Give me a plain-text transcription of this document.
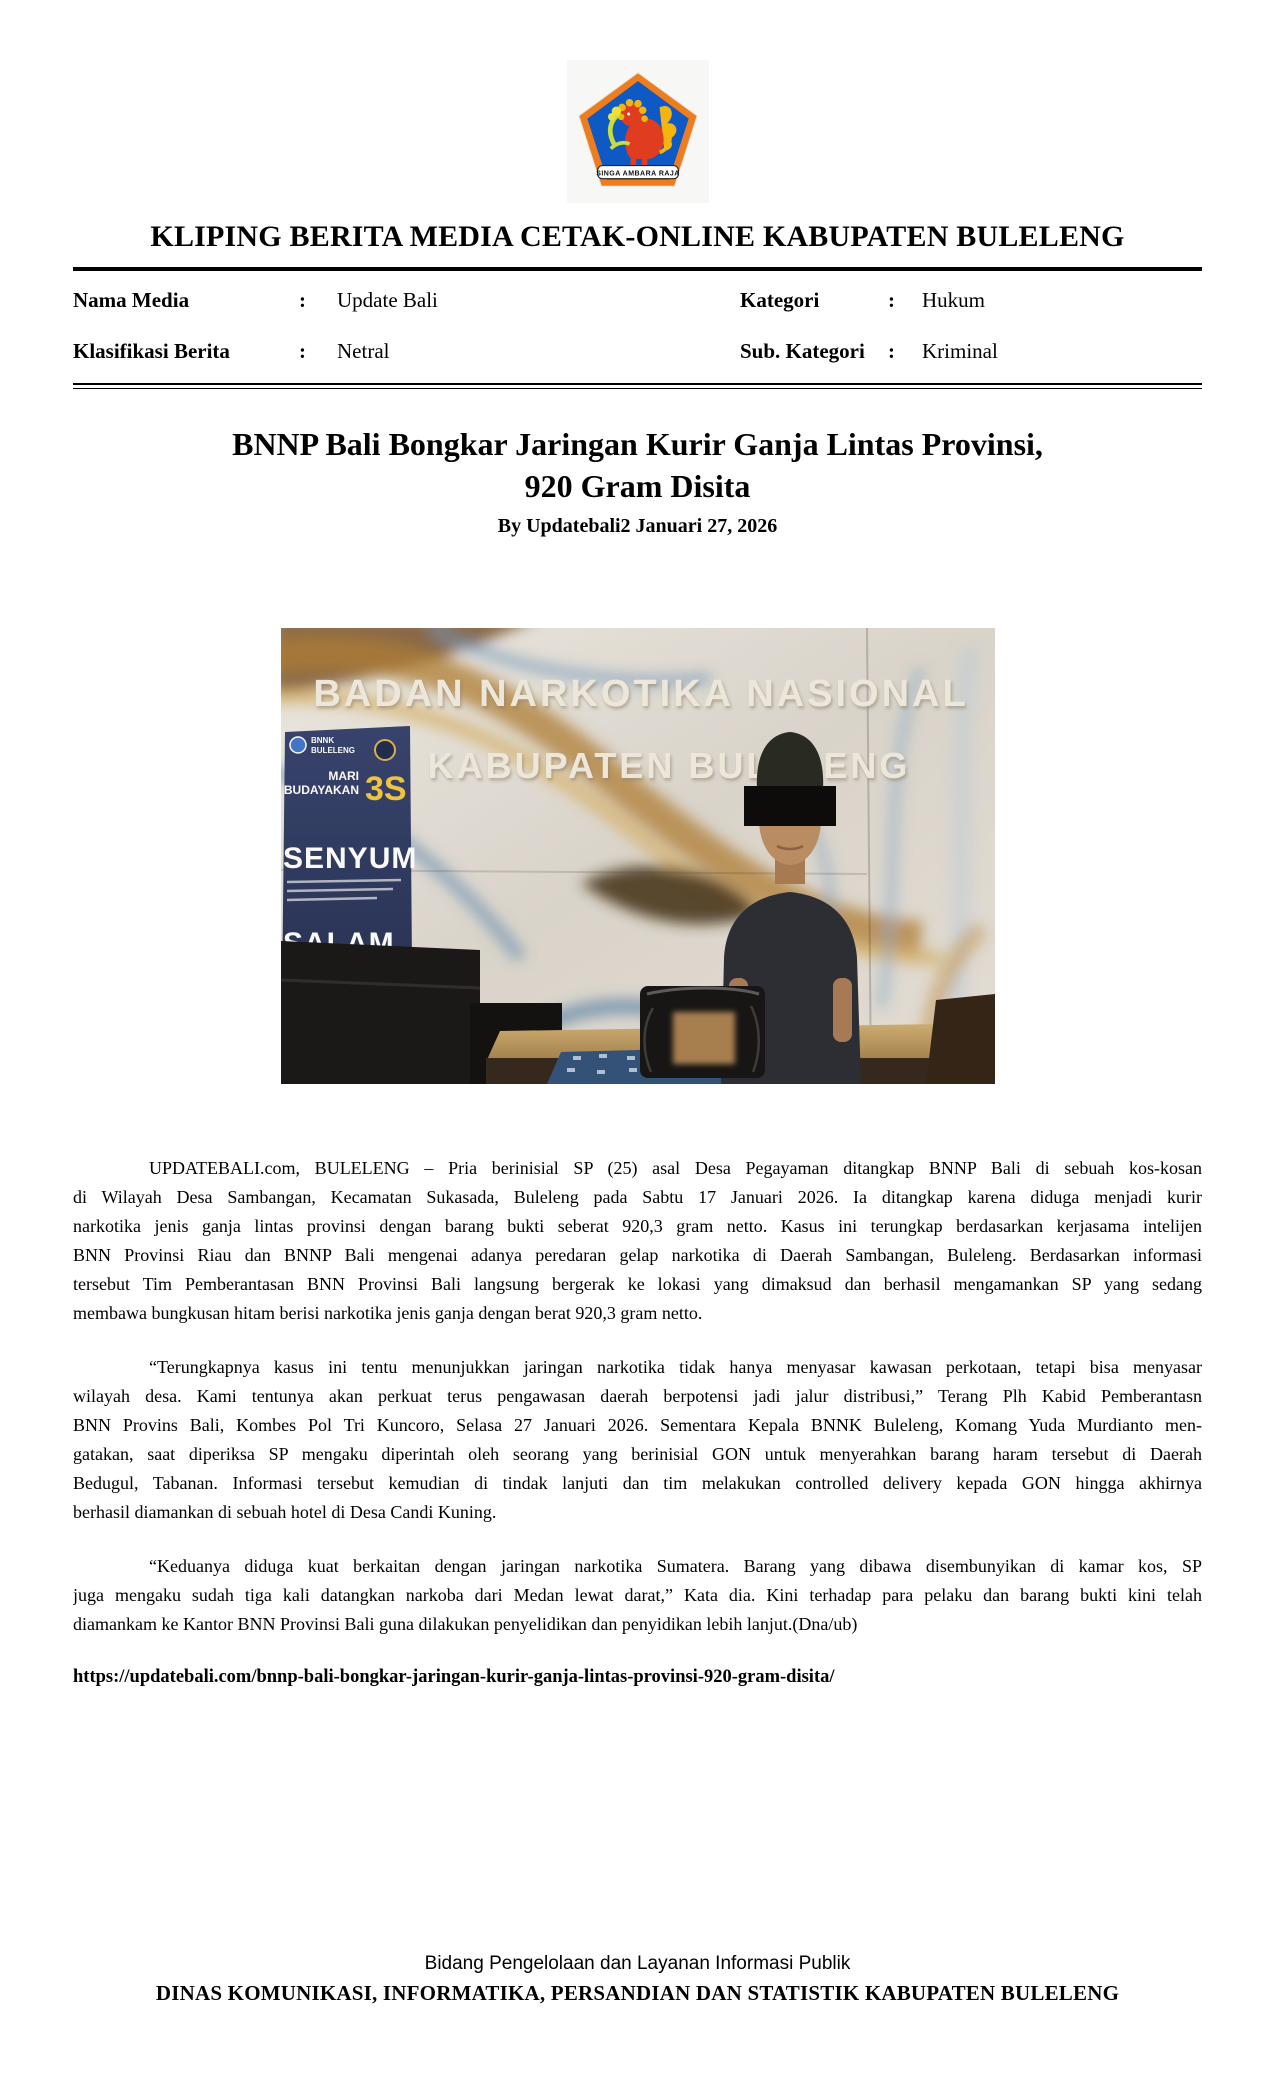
SINGA AMBARA RAJA
KLIPING BERITA MEDIA CETAK-ONLINE KABUPATEN BULELENG
Nama Media	:	Update Bali
Klasifikasi Berita	:	Netral
Kategori	:	Hukum
Sub. Kategori	:	Kriminal
BNNP Bali Bongkar Jaringan Kurir Ganja Lintas Provinsi,
920 Gram Disita
By Updatebali2 Januari 27, 2026
UPDATEBALI.com, BULELENG – Pria berinisial SP (25) asal Desa Pegayaman ditangkap BNNP Bali di sebuah kos-kosan
di Wilayah Desa Sambangan, Kecamatan Sukasada, Buleleng pada Sabtu 17 Januari 2026. Ia ditangkap karena diduga menjadi kurir
narkotika jenis ganja lintas provinsi dengan barang bukti seberat 920,3 gram netto. Kasus ini terungkap berdasarkan kerjasama intelijen
BNN Provinsi Riau dan BNNP Bali mengenai adanya peredaran gelap narkotika di Daerah Sambangan, Buleleng. Berdasarkan informasi
tersebut Tim Pemberantasan BNN Provinsi Bali langsung bergerak ke lokasi yang dimaksud dan berhasil mengamankan SP yang sedang
membawa bungkusan hitam berisi narkotika jenis ganja dengan berat 920,3 gram netto.
“Terungkapnya kasus ini tentu menunjukkan jaringan narkotika tidak hanya menyasar kawasan perkotaan, tetapi bisa menyasar
wilayah desa. Kami tentunya akan perkuat terus pengawasan daerah berpotensi jadi jalur distribusi,” Terang Plh Kabid Pemberantasn
BNN Provins Bali, Kombes Pol Tri Kuncoro, Selasa 27 Januari 2026. Sementara Kepala BNNK Buleleng, Komang Yuda Murdianto men-
gatakan, saat diperiksa SP mengaku diperintah oleh seorang yang berinisial GON untuk menyerahkan barang haram tersebut di Daerah
Bedugul, Tabanan. Informasi tersebut kemudian di tindak lanjuti dan tim melakukan controlled delivery kepada GON hingga akhirnya
berhasil diamankan di sebuah hotel di Desa Candi Kuning.
“Keduanya diduga kuat berkaitan dengan jaringan narkotika Sumatera. Barang yang dibawa disembunyikan di kamar kos, SP
juga mengaku sudah tiga kali datangkan narkoba dari Medan lewat darat,” Kata dia. Kini terhadap para pelaku dan barang bukti kini telah
diamankam ke Kantor BNN Provinsi Bali guna dilakukan penyelidikan dan penyidikan lebih lanjut.(Dna/ub)
https://updatebali.com/bnnp-bali-bongkar-jaringan-kurir-ganja-lintas-provinsi-920-gram-disita/
Bidang Pengelolaan dan Layanan Informasi Publik
DINAS KOMUNIKASI, INFORMATIKA, PERSANDIAN DAN STATISTIK KABUPATEN BULELENG
